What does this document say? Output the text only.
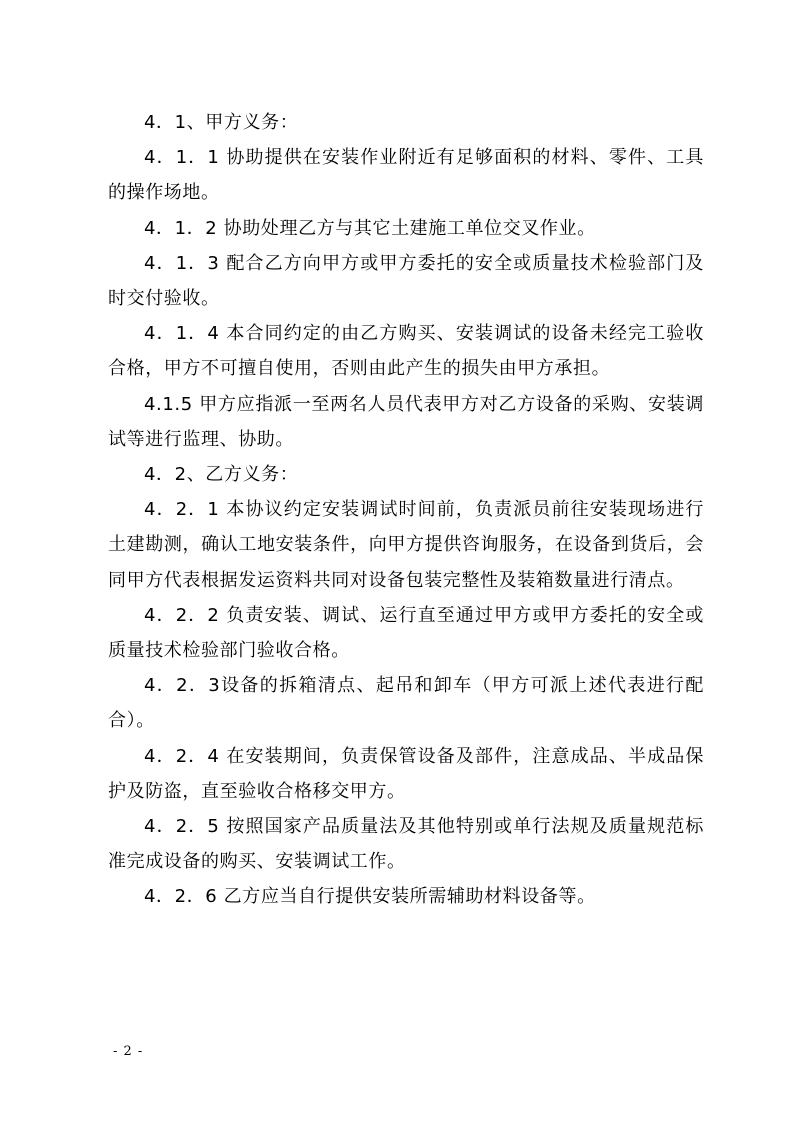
4．1、甲方义务：

4．1．1 协助提供在安装作业附近有足够面积的材料、零件、工具的操作场地。

4．1．2 协助处理乙方与其它土建施工单位交叉作业。

4．1．3 配合乙方向甲方或甲方委托的安全或质量技术检验部门及时交付验收。

4．1．4 本合同约定的由乙方购买、安装调试的设备未经完工验收合格，甲方不可擅自使用，否则由此产生的损失由甲方承担。

4.1.5 甲方应指派一至两名人员代表甲方对乙方设备的采购、安装调试等进行监理、协助。

4．2、乙方义务：

4．2．1 本协议约定安装调试时间前，负责派员前往安装现场进行土建勘测，确认工地安装条件，向甲方提供咨询服务，在设备到货后，会同甲方代表根据发运资料共同对设备包装完整性及装箱数量进行清点。

4．2．2 负责安装、调试、运行直至通过甲方或甲方委托的安全或质量技术检验部门验收合格。

4．2．3设备的拆箱清点、起吊和卸车（甲方可派上述代表进行配合）。

4．2．4 在安装期间，负责保管设备及部件，注意成品、半成品保护及防盗，直至验收合格移交甲方。

4．2．5 按照国家产品质量法及其他特别或单行法规及质量规范标准完成设备的购买、安装调试工作。

4．2．6 乙方应当自行提供安装所需辅助材料设备等。

- 2 -
